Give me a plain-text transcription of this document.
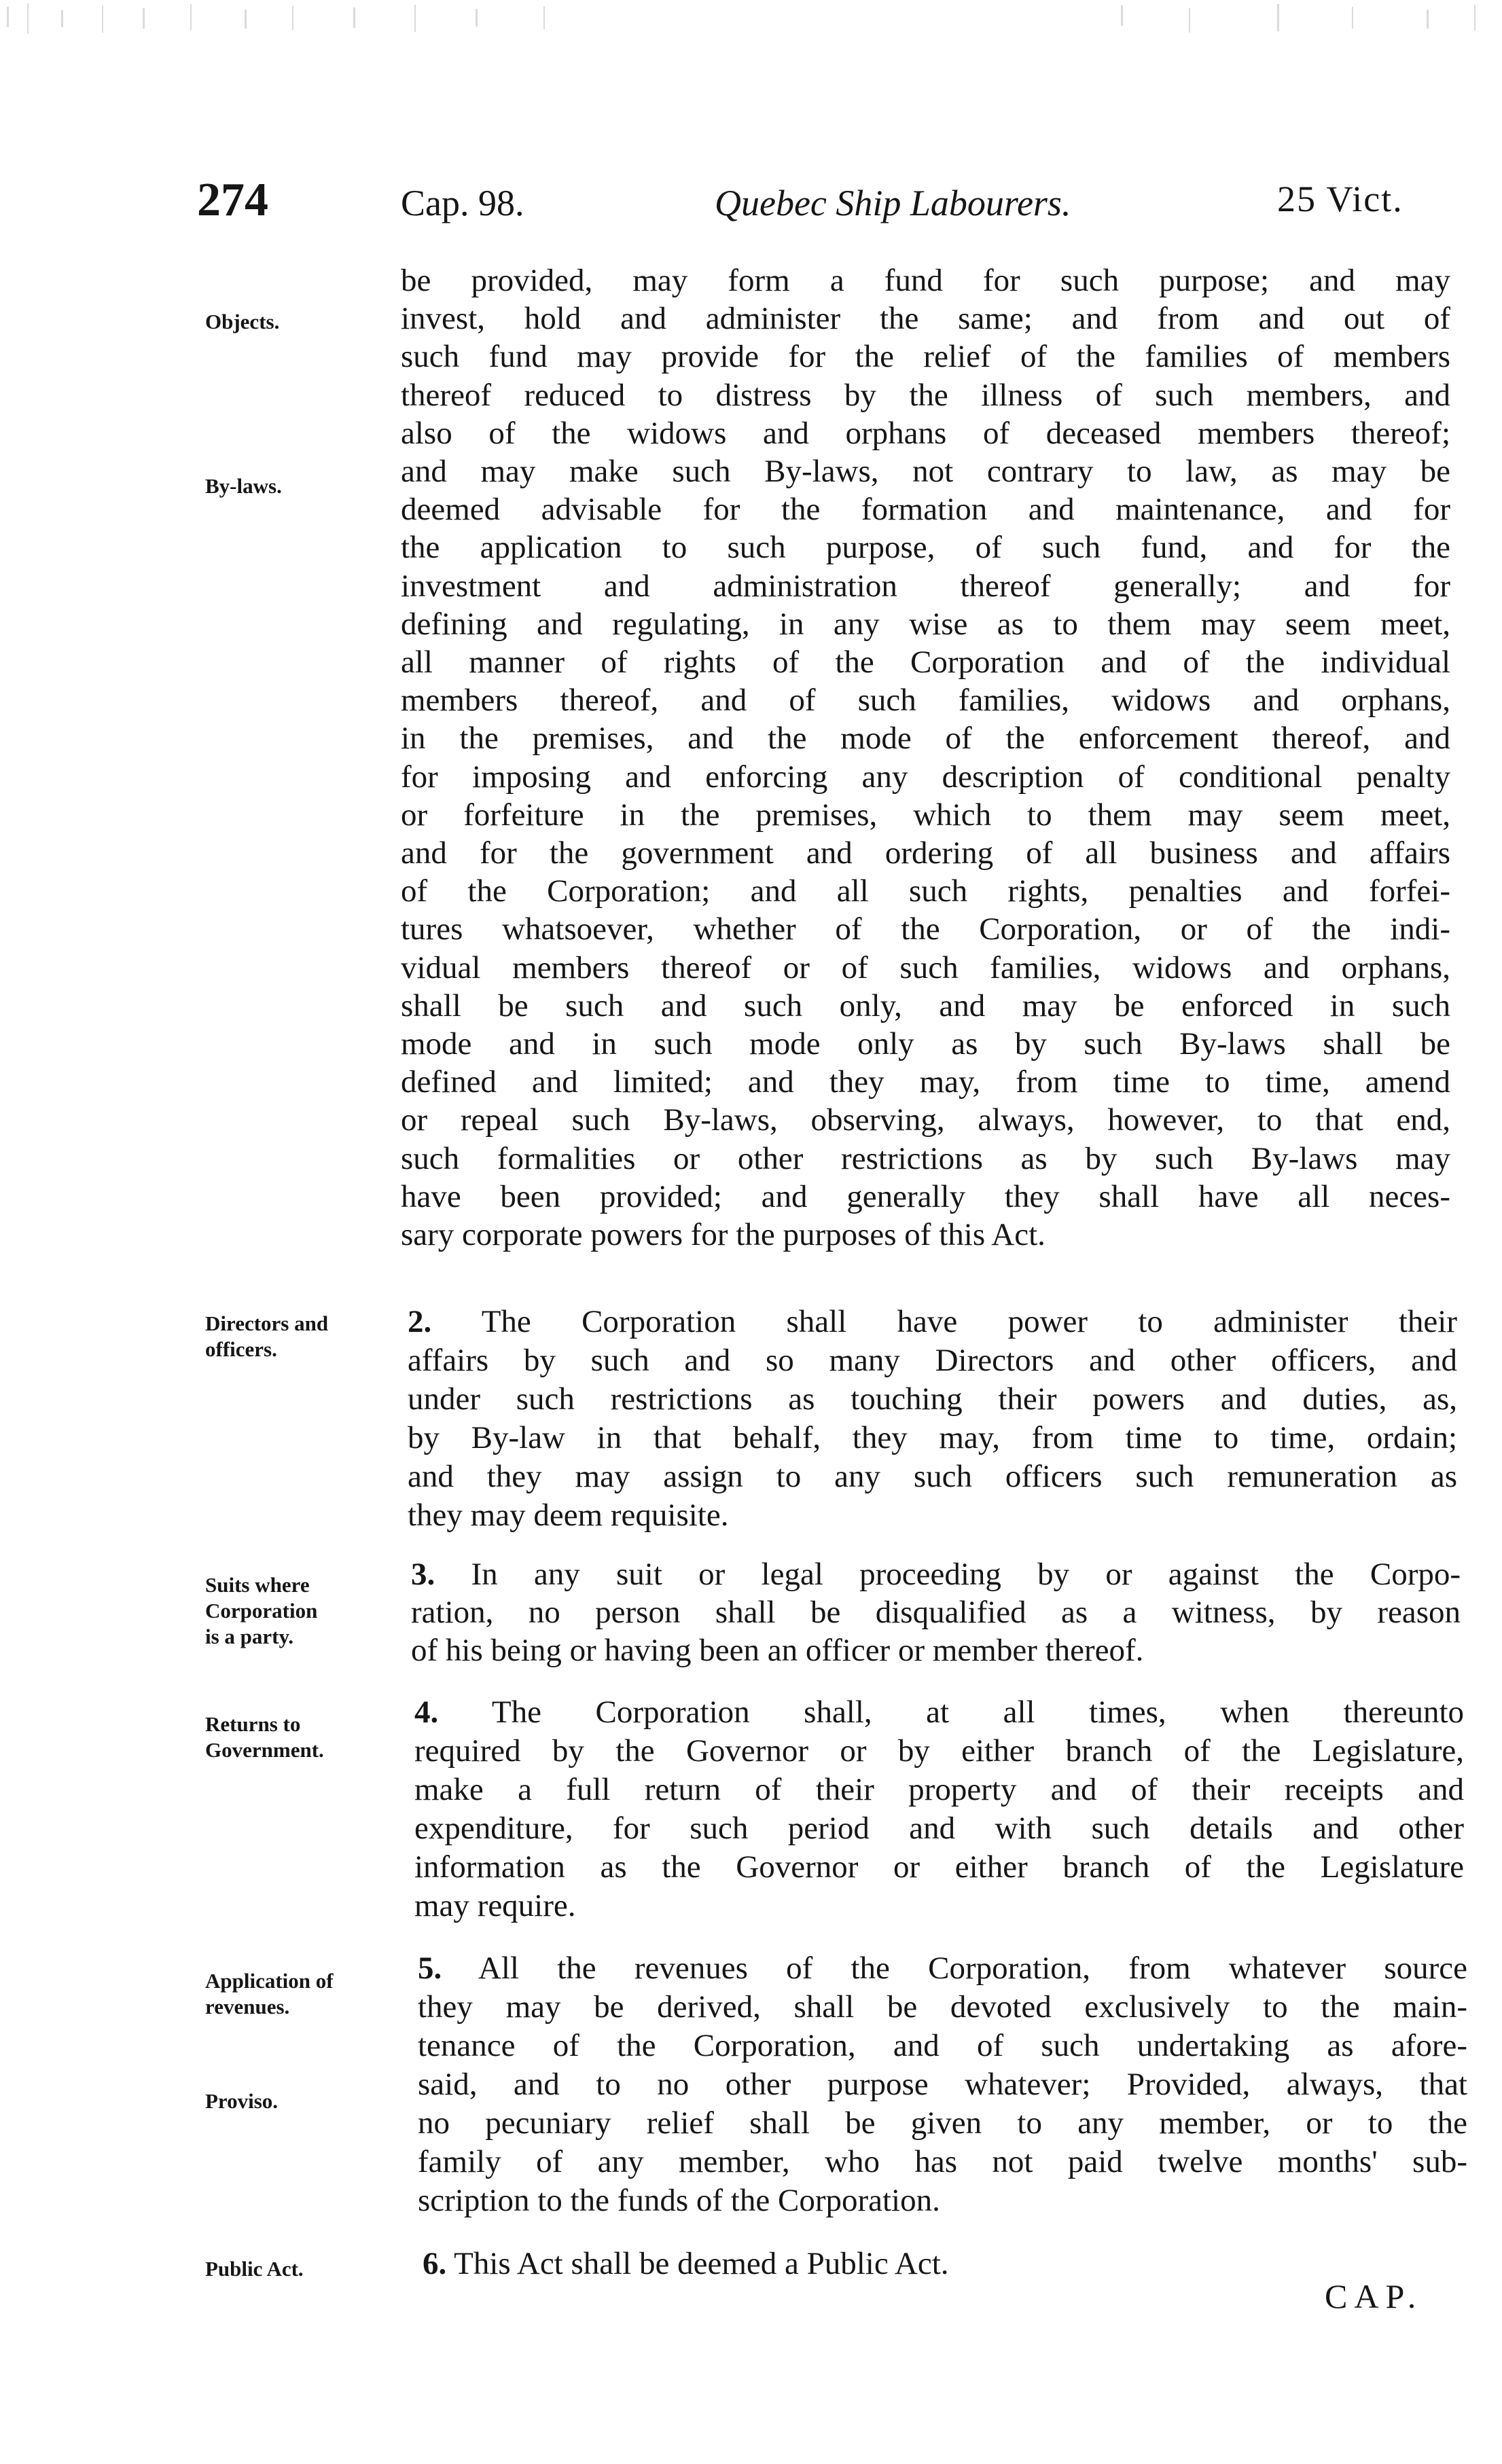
274	Cap. 98.	Quebec Ship Labourers.	25 Vict.
Objects.
By-laws.
Directors and
officers.
Suits where
Corporation
is a party.
Returns to
Government.
Application of
revenues.
Proviso.
Public Act.
be provided, may form a fund for such purpose; and may
invest, hold and administer the same; and from and out of
such fund may provide for the relief of the families of members
thereof reduced to distress by the illness of such members, and
also of the widows and orphans of deceased members thereof;
and may make such By-laws, not contrary to law, as may be
deemed advisable for the formation and maintenance, and for
the application to such purpose, of such fund, and for the
investment and administration thereof generally; and for
defining and regulating, in any wise as to them may seem meet,
all manner of rights of the Corporation and of the individual
members thereof, and of such families, widows and orphans,
in the premises, and the mode of the enforcement thereof, and
for imposing and enforcing any description of conditional penalty
or forfeiture in the premises, which to them may seem meet,
and for the government and ordering of all business and affairs
of the Corporation; and all such rights, penalties and forfei-
tures whatsoever, whether of the Corporation, or of the indi-
vidual members thereof or of such families, widows and orphans,
shall be such and such only, and may be enforced in such
mode and in such mode only as by such By-laws shall be
defined and limited; and they may, from time to time, amend
or repeal such By-laws, observing, always, however, to that end,
such formalities or other restrictions as by such By-laws may
have been provided; and generally they shall have all neces-
sary corporate powers for the purposes of this Act.
2. The Corporation shall have power to administer their
affairs by such and so many Directors and other officers, and
under such restrictions as touching their powers and duties, as,
by By-law in that behalf, they may, from time to time, ordain;
and they may assign to any such officers such remuneration as
they may deem requisite.
3. In any suit or legal proceeding by or against the Corpo-
ration, no person shall be disqualified as a witness, by reason
of his being or having been an officer or member thereof.
4. The Corporation shall, at all times, when thereunto
required by the Governor or by either branch of the Legislature,
make a full return of their property and of their receipts and
expenditure, for such period and with such details and other
information as the Governor or either branch of the Legislature
may require.
5. All the revenues of the Corporation, from whatever source
they may be derived, shall be devoted exclusively to the main-
tenance of the Corporation, and of such undertaking as afore-
said, and to no other purpose whatever; Provided, always, that
no pecuniary relief shall be given to any member, or to the
family of any member, who has not paid twelve months' sub-
scription to the funds of the Corporation.
6. This Act shall be deemed a Public Act.
CAP.
